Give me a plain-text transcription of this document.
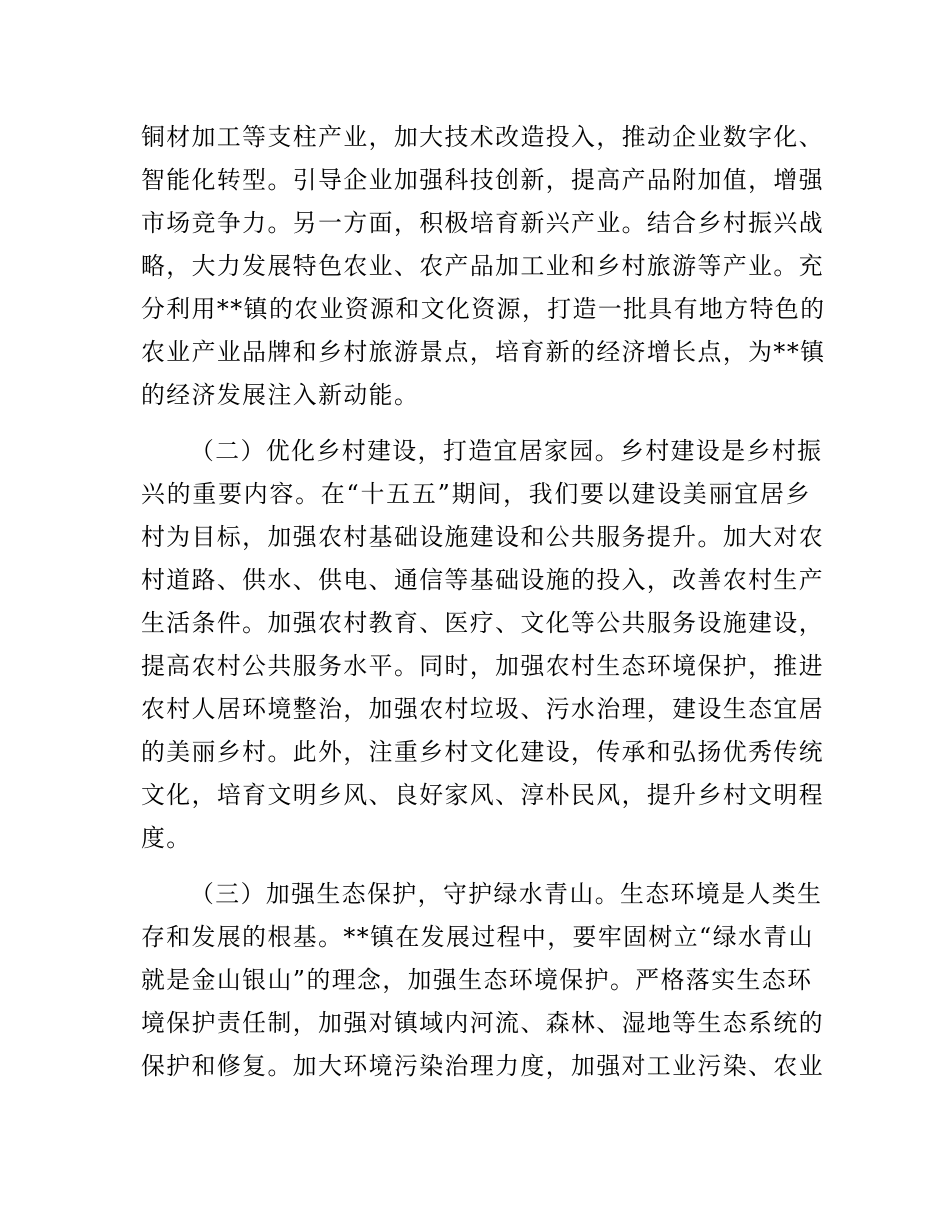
铜材加工等支柱产业，加大技术改造投入，推动企业数字化、
智能化转型。引导企业加强科技创新，提高产品附加值，增强
市场竞争力。另一方面，积极培育新兴产业。结合乡村振兴战
略，大力发展特色农业、农产品加工业和乡村旅游等产业。充
分利用**镇的农业资源和文化资源，打造一批具有地方特色的
农业产业品牌和乡村旅游景点，培育新的经济增长点，为**镇
的经济发展注入新动能。
（二）优化乡村建设，打造宜居家园。乡村建设是乡村振
兴的重要内容。在“十五五”期间，我们要以建设美丽宜居乡
村为目标，加强农村基础设施建设和公共服务提升。加大对农
村道路、供水、供电、通信等基础设施的投入，改善农村生产
生活条件。加强农村教育、医疗、文化等公共服务设施建设，
提高农村公共服务水平。同时，加强农村生态环境保护，推进
农村人居环境整治，加强农村垃圾、污水治理，建设生态宜居
的美丽乡村。此外，注重乡村文化建设，传承和弘扬优秀传统
文化，培育文明乡风、良好家风、淳朴民风，提升乡村文明程
度。
（三）加强生态保护，守护绿水青山。生态环境是人类生
存和发展的根基。**镇在发展过程中，要牢固树立“绿水青山
就是金山银山”的理念，加强生态环境保护。严格落实生态环
境保护责任制，加强对镇域内河流、森林、湿地等生态系统的
保护和修复。加大环境污染治理力度，加强对工业污染、农业
